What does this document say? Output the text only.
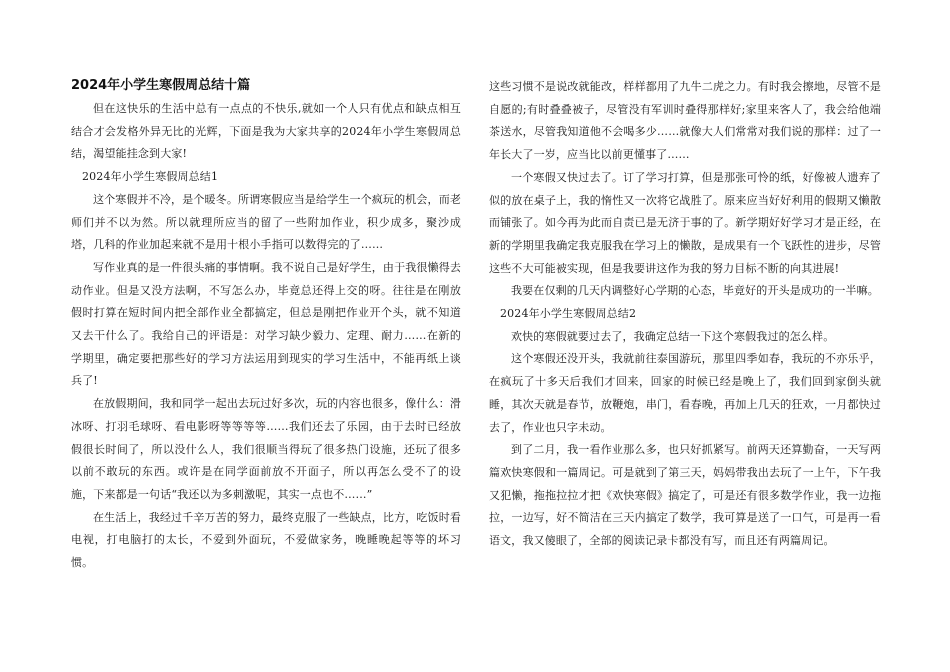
2024年小学生寒假周总结十篇

但在这快乐的生活中总有一点点的不快乐,就如一个人只有优点和缺点相互结合才会发格外异无比的光辉，下面是我为大家共享的2024年小学生寒假周总结，渴望能挂念到大家!

2024年小学生寒假周总结1

这个寒假并不冷，是个暖冬。所谓寒假应当是给学生一个疯玩的机会，而老师们并不以为然。所以就理所应当的留了一些附加作业，积少成多，聚沙成塔，几科的作业加起来就不是用十根小手指可以数得完的了……

写作业真的是一件很头痛的事情啊。我不说自己是好学生，由于我很懒得去动作业。但是又没方法啊，不写怎么办，毕竟总还得上交的呀。往往是在刚放假时打算在短时间内把全部作业全都搞定，但总是刚把作业开个头，就不知道又去干什么了。我给自己的评语是：对学习缺少毅力、定理、耐力……在新的学期里，确定要把那些好的学习方法运用到现实的学习生活中，不能再纸上谈兵了!

在放假期间，我和同学一起出去玩过好多次，玩的内容也很多，像什么：滑冰呀、打羽毛球呀、看电影呀等等等等……我们还去了乐园，由于去时已经放假很长时间了，所以没什么人，我们很顺当得玩了很多热门设施，还玩了很多以前不敢玩的东西。或许是在同学面前放不开面子，所以再怎么受不了的设施，下来都是一句话“我还以为多刺激呢，其实一点也不……”

在生活上，我经过千辛万苦的努力，最终克服了一些缺点，比方，吃饭时看电视，打电脑打的太长，不爱到外面玩，不爱做家务，晚睡晚起等等的坏习惯。

这些习惯不是说改就能改，样样都用了九牛二虎之力。有时我会擦地，尽管不是自愿的;有时叠叠被子，尽管没有军训时叠得那样好;家里来客人了，我会给他端茶送水，尽管我知道他不会喝多少……就像大人们常常对我们说的那样：过了一年长大了一岁，应当比以前更懂事了……

一个寒假又快过去了。订了学习打算，但是那张可怜的纸，好像被人遗弃了似的放在桌子上，我的惰性又一次将它战胜了。原来应当好好利用的假期又懒散而铺张了。如今再为此而自责已是无济于事的了。新学期好好学习才是正经，在新的学期里我确定我克服我在学习上的懒散，是成果有一个飞跃性的进步，尽管这些不大可能被实现，但是我要讲这作为我的努力目标不断的向其进展!

我要在仅剩的几天内调整好心学期的心态，毕竟好的开头是成功的一半嘛。

2024年小学生寒假周总结2

欢快的寒假就要过去了，我确定总结一下这个寒假我过的怎么样。

这个寒假还没开头，我就前往泰国游玩，那里四季如春，我玩的不亦乐乎，在疯玩了十多天后我们才回来，回家的时候已经是晚上了，我们回到家倒头就睡，其次天就是春节，放鞭炮，串门，看春晚，再加上几天的狂欢，一月都快过去了，作业也只字未动。

到了二月，我一看作业那么多，也只好抓紧写。前两天还算勤奋，一天写两篇欢快寒假和一篇周记。可是就到了第三天，妈妈带我出去玩了一上午，下午我又犯懒，拖拖拉拉才把《欢快寒假》搞定了，可是还有很多数学作业，我一边拖拉，一边写，好不简洁在三天内搞定了数学，我可算是送了一口气，可是再一看语文，我又傻眼了，全部的阅读记录卡都没有写，而且还有两篇周记。
